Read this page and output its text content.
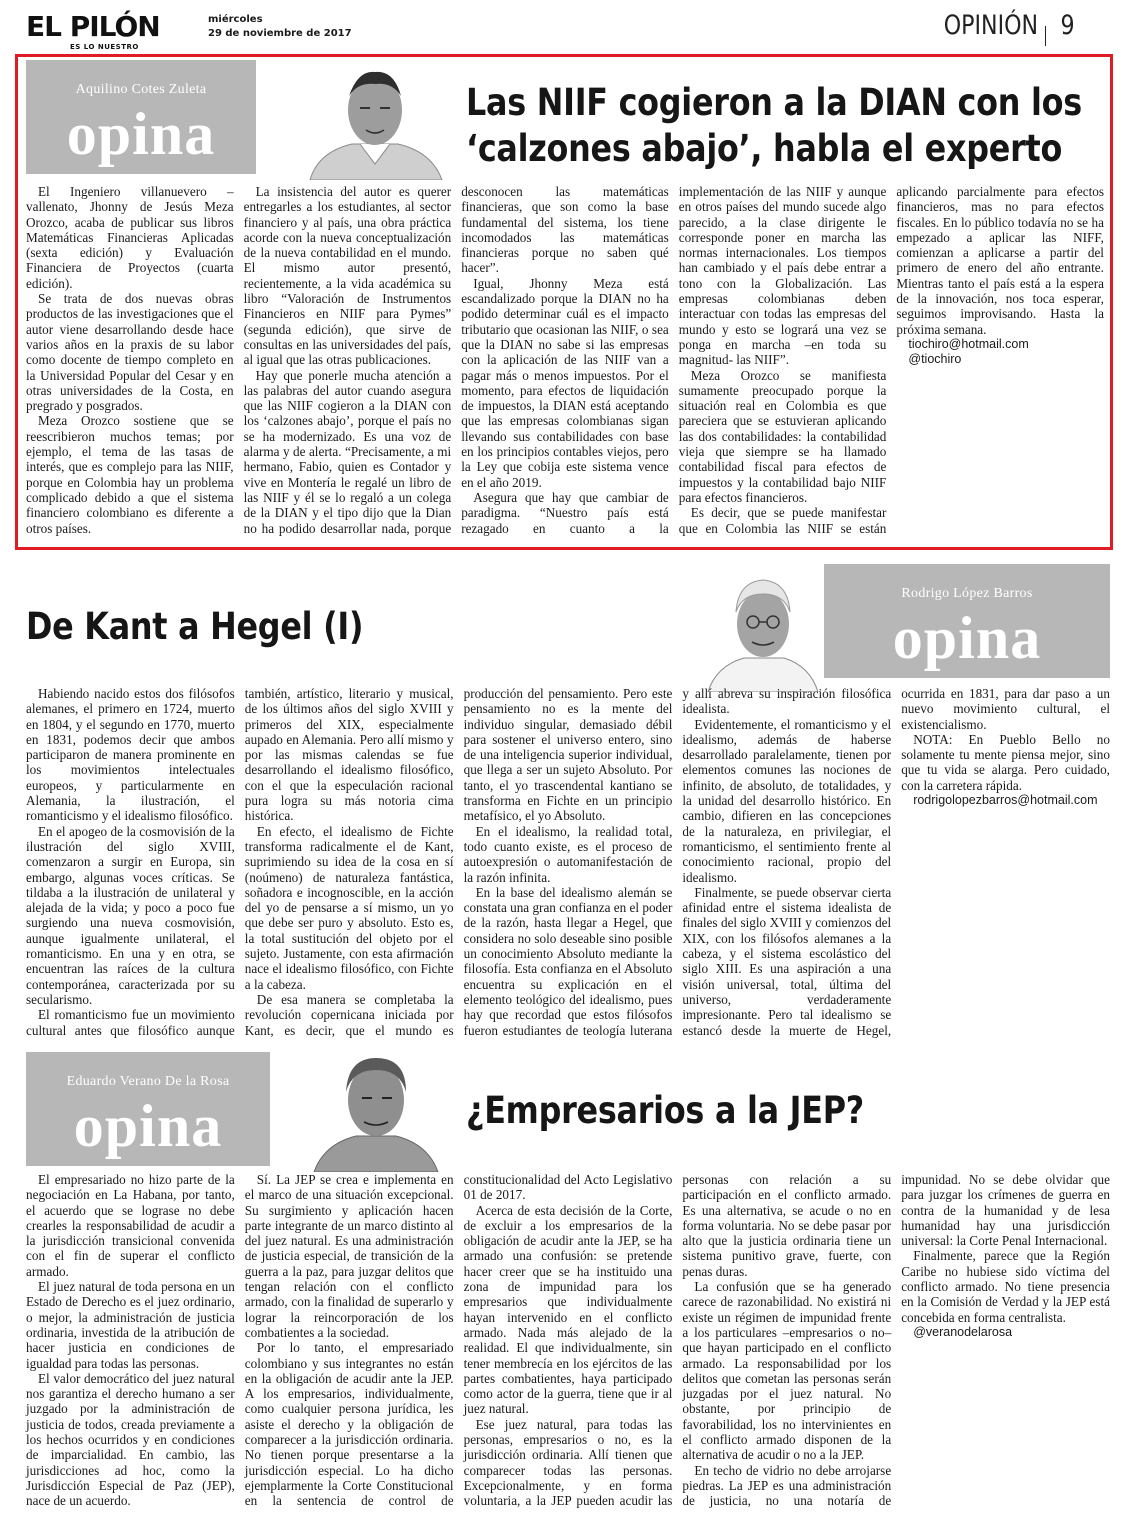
EL PILÓN
ES LO NUESTRO
miércoles
29 de noviembre de 2017	OPINIÓN 9
Aquilino Cotes Zuleta
opina	Las NIIF cogieron a la DIAN con los
‘calzones abajo’, habla el experto

El Ingeniero villanuevero – vallenato, Jhonny de Jesús Meza Orozco, acaba de publicar sus libros Matemáticas Financieras Aplicadas (sexta edición) y Evaluación Financiera de Proyectos (cuarta edición).

Se trata de dos nuevas obras productos de las investigaciones que el autor viene desarrollando desde hace varios años en la praxis de su labor como docente de tiempo completo en la Universidad Popular del Cesar y en otras universidades de la Costa, en pregrado y posgrados.

Meza Orozco sostiene que se reescribieron muchos temas; por ejemplo, el tema de las tasas de interés, que es complejo para las NIIF, porque en Colombia hay un problema complicado debido a que el sistema financiero colombiano es diferente a otros países.

La insistencia del autor es querer entregarles a los estudiantes, al sector financiero y al país, una obra práctica acorde con la nueva conceptualización de la nueva contabilidad en el mundo. El mismo autor presentó, recientemente, a la vida académica su libro “Valoración de Instrumentos Financieros en NIIF para Pymes” (segunda edición), que sirve de consultas en las universidades del país, al igual que las otras publicaciones.

Hay que ponerle mucha atención a las palabras del autor cuando asegura que las NIIF cogieron a la DIAN con los ‘calzones abajo’, porque el país no se ha modernizado. Es una voz de alarma y de alerta. “Precisamente, a mi hermano, Fabio, quien es Contador y vive en Montería le regalé un libro de las NIIF y él se lo regaló a un colega de la DIAN y el tipo dijo que la Dian no ha podido desarrollar nada, porque desconocen las matemáticas financieras, que son como la base fundamental del sistema, los tiene incomodados las matemáticas financieras porque no saben qué hacer”.

Igual, Jhonny Meza está escandalizado porque la DIAN no ha podido determinar cuál es el impacto tributario que ocasionan las NIIF, o sea que la DIAN no sabe si las empresas con la aplicación de las NIIF van a pagar más o menos impuestos. Por el momento, para efectos de liquidación de impuestos, la DIAN está aceptando que las empresas colombianas sigan llevando sus contabilidades con base en los principios contables viejos, pero la Ley que cobija este sistema vence en el año 2019.

Asegura que hay que cambiar de paradigma. “Nuestro país está rezagado en cuanto a la implementación de las NIIF y aunque en otros países del mundo sucede algo parecido, a la clase dirigente le corresponde poner en marcha las normas internacionales. Los tiempos han cambiado y el país debe entrar a tono con la Globalización. Las empresas colombianas deben interactuar con todas las empresas del mundo y esto se logrará una vez se ponga en marcha –en toda su magnitud- las NIIF”.

Meza Orozco se manifiesta sumamente preocupado porque la situación real en Colombia es que pareciera que se estuvieran aplicando las dos contabilidades: la contabilidad vieja que siempre se ha llamado contabilidad fiscal para efectos de impuestos y la contabilidad bajo NIIF para efectos financieros.

Es decir, que se puede manifestar que en Colombia las NIIF se están aplicando parcialmente para efectos financieros, mas no para efectos fiscales. En lo público todavía no se ha empezado a aplicar las NIFF, comienzan a aplicarse a partir del primero de enero del año entrante. Mientras tanto el país está a la espera de la innovación, nos toca esperar, seguimos improvisando. Hasta la próxima semana.

tiochiro@hotmail.com

@tiochiro

De Kant a Hegel (I)
Rodrigo López Barros
opina

Habiendo nacido estos dos filósofos alemanes, el primero en 1724, muerto en 1804, y el segundo en 1770, muerto en 1831, podemos decir que ambos participaron de manera prominente en los movimientos intelectuales europeos, y particularmente en Alemania, la ilustración, el romanticismo y el idealismo filosófico.

En el apogeo de la cosmovisión de la ilustración del siglo XVIII, comenzaron a surgir en Europa, sin embargo, algunas voces críticas. Se tildaba a la ilustración de unilateral y alejada de la vida; y poco a poco fue surgiendo una nueva cosmovisión, aunque igualmente unilateral, el romanticismo. En una y en otra, se encuentran las raíces de la cultura contemporánea, caracterizada por su secularismo.

El romanticismo fue un movimiento cultural antes que filosófico aunque también, artístico, literario y musical, de los últimos años del siglo XVIII y primeros del XIX, especialmente aupado en Alemania. Pero allí mismo y por las mismas calendas se fue desarrollando el idealismo filosófico, con el que la especulación racional pura logra su más notoria cima histórica.

En efecto, el idealismo de Fichte transforma radicalmente el de Kant, suprimiendo su idea de la cosa en sí (noúmeno) de naturaleza fantástica, soñadora e incognoscible, en la acción del yo de pensarse a sí mismo, un yo que debe ser puro y absoluto. Esto es, la total sustitución del objeto por el sujeto. Justamente, con esta afirmación nace el idealismo filosófico, con Fichte a la cabeza.

De esa manera se completaba la revolución copernicana iniciada por Kant, es decir, que el mundo es producción del pensamiento. Pero este pensamiento no es la mente del individuo singular, demasiado débil para sostener el universo entero, sino de una inteligencia superior individual, que llega a ser un sujeto Absoluto. Por tanto, el yo trascendental kantiano se transforma en Fichte en un principio metafísico, el yo Absoluto.

En el idealismo, la realidad total, todo cuanto existe, es el proceso de autoexpresión o automanifestación de la razón infinita.

En la base del idealismo alemán se constata una gran confianza en el poder de la razón, hasta llegar a Hegel, que considera no solo deseable sino posible un conocimiento Absoluto mediante la filosofía. Esta confianza en el Absoluto encuentra su explicación en el elemento teológico del idealismo, pues hay que recordad que estos filósofos fueron estudiantes de teología luterana y allí abreva su inspiración filosófica idealista.

Evidentemente, el romanticismo y el idealismo, además de haberse desarrollado paralelamente, tienen por elementos comunes las nociones de infinito, de absoluto, de totalidades, y la unidad del desarrollo histórico. En cambio, difieren en las concepciones de la naturaleza, en privilegiar, el romanticismo, el sentimiento frente al conocimiento racional, propio del idealismo.

Finalmente, se puede observar cierta afinidad entre el sistema idealista de finales del siglo XVIII y comienzos del XIX, con los filósofos alemanes a la cabeza, y el sistema escolástico del siglo XIII. Es una aspiración a una visión universal, total, última del universo, verdaderamente impresionante. Pero tal idealismo se estancó desde la muerte de Hegel, ocurrida en 1831, para dar paso a un nuevo movimiento cultural, el existencialismo.

NOTA: En Pueblo Bello no solamente tu mente piensa mejor, sino que tu vida se alarga. Pero cuidado, con la carretera rápida.

rodrigolopezbarros@hotmail.com

Eduardo Verano De la Rosa
opina	¿Empresarios a la JEP?

El empresariado no hizo parte de la negociación en La Habana, por tanto, el acuerdo que se lograse no debe crearles la responsabilidad de acudir a la jurisdicción transicional convenida con el fin de superar el conflicto armado.

El juez natural de toda persona en un Estado de Derecho es el juez ordinario, o mejor, la administración de justicia ordinaria, investida de la atribución de hacer justicia en condiciones de igualdad para todas las personas.

El valor democrático del juez natural nos garantiza el derecho humano a ser juzgado por la administración de justicia de todos, creada previamente a los hechos ocurridos y en condiciones de imparcialidad. En cambio, las jurisdicciones ad hoc, como la Jurisdicción Especial de Paz (JEP), nace de un acuerdo.

Sí. La JEP se crea e implementa en el marco de una situación excepcional. Su surgimiento y aplicación hacen parte integrante de un marco distinto al del juez natural. Es una administración de justicia especial, de transición de la guerra a la paz, para juzgar delitos que tengan relación con el conflicto armado, con la finalidad de superarlo y lograr la reincorporación de los combatientes a la sociedad.

Por lo tanto, el empresariado colombiano y sus integrantes no están en la obligación de acudir ante la JEP. A los empresarios, individualmente, como cualquier persona jurídica, les asiste el derecho y la obligación de comparecer a la jurisdicción ordinaria. No tienen porque presentarse a la jurisdicción especial. Lo ha dicho ejemplarmente la Corte Constitucional en la sentencia de control de constitucionalidad del Acto Legislativo 01 de 2017.

Acerca de esta decisión de la Corte, de excluir a los empresarios de la obligación de acudir ante la JEP, se ha armado una confusión: se pretende hacer creer que se ha instituido una zona de impunidad para los empresarios que individualmente hayan intervenido en el conflicto armado. Nada más alejado de la realidad. El que individualmente, sin tener membrecía en los ejércitos de las partes combatientes, haya participado como actor de la guerra, tiene que ir al juez natural.

Ese juez natural, para todas las personas, empresarios o no, es la jurisdicción ordinaria. Allí tienen que comparecer todas las personas. Excepcionalmente, y en forma voluntaria, a la JEP pueden acudir las personas con relación a su participación en el conflicto armado. Es una alternativa, se acude o no en forma voluntaria. No se debe pasar por alto que la justicia ordinaria tiene un sistema punitivo grave, fuerte, con penas duras.

La confusión que se ha generado carece de razonabilidad. No existirá ni existe un régimen de impunidad frente a los particulares –empresarios o no– que hayan participado en el conflicto armado. La responsabilidad por los delitos que cometan las personas serán juzgadas por el juez natural. No obstante, por principio de favorabilidad, los no intervinientes en el conflicto armado disponen de la alternativa de acudir o no a la JEP.

En techo de vidrio no debe arrojarse piedras. La JEP es una administración de justicia, no una notaría de impunidad. No se debe olvidar que para juzgar los crímenes de guerra en contra de la humanidad y de lesa humanidad hay una jurisdicción universal: la Corte Penal Internacional.

Finalmente, parece que la Región Caribe no hubiese sido víctima del conflicto armado. No tiene presencia en la Comisión de Verdad y la JEP está concebida en forma centralista.

@veranodelarosa
